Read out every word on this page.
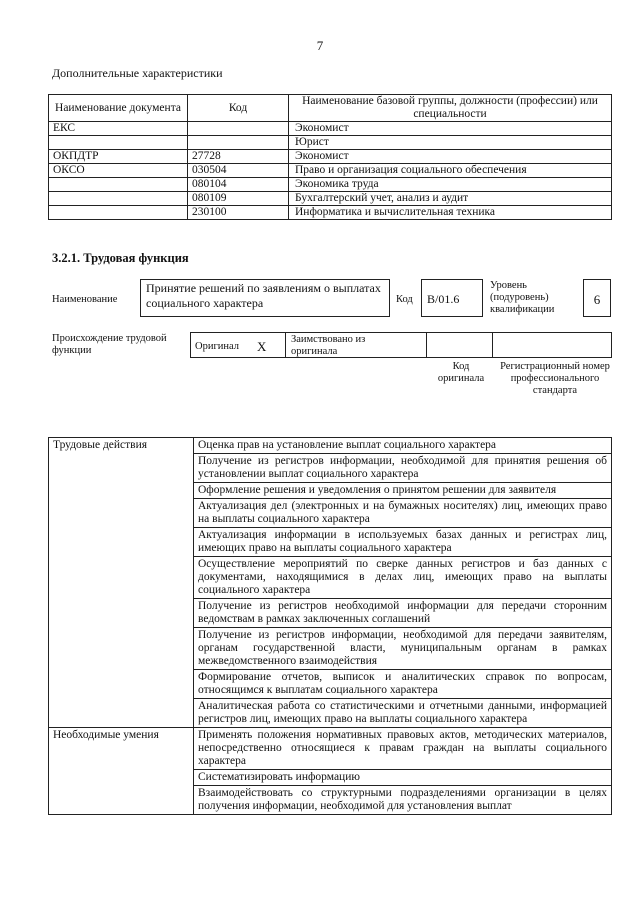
7
Дополнительные характеристики
Наименование документа	Код	Наименование базовой группы, должности (профессии) или специальности
ЕКС		Экономист
		Юрист
ОКПДТР	27728	Экономист
ОКСО	030504	Право и организация социального обеспечения
	080104	Экономика труда
	080109	Бухгалтерский учет, анализ и аудит
	230100	Информатика и вычислительная техника
3.2.1. Трудовая функция
Наименование
Принятие решений по заявлениям о выплатах социального характера	Код	B/01.6
Уровень (подуровень) квалификации
6
Происхождение трудовой функции	Оригинал X Заимствовано из оригинала
Код оригинала
Регистрационный номер профессионального стандарта
Трудовые действия	Оценка прав на установление выплат социального характера
	Получение из регистров информации, необходимой для принятия решения об установлении выплат социального характера
	Оформление решения и уведомления о принятом решении для заявителя
	Актуализация дел (электронных и на бумажных носителях) лиц, имеющих право на выплаты социального характера
	Актуализация информации в используемых базах данных и регистрах лиц, имеющих право на выплаты социального характера
	Осуществление мероприятий по сверке данных регистров и баз данных с документами, находящимися в делах лиц, имеющих право на выплаты социального характера
	Получение из регистров необходимой информации для передачи сторонним ведомствам в рамках заключенных соглашений
	Получение из регистров информации, необходимой для передачи заявителям, органам государственной власти, муниципальным органам в рамках межведомственного взаимодействия
	Формирование отчетов, выписок и аналитических справок по вопросам, относящимся к выплатам социального характера
	Аналитическая работа со статистическими и отчетными данными, информацией регистров лиц, имеющих право на выплаты социального характера
Необходимые умения	Применять положения нормативных правовых актов, методических материалов, непосредственно относящиеся к правам граждан на выплаты социального характера
	Систематизировать информацию
	Взаимодействовать со структурными подразделениями организации в целях получения информации, необходимой для установления выплат
